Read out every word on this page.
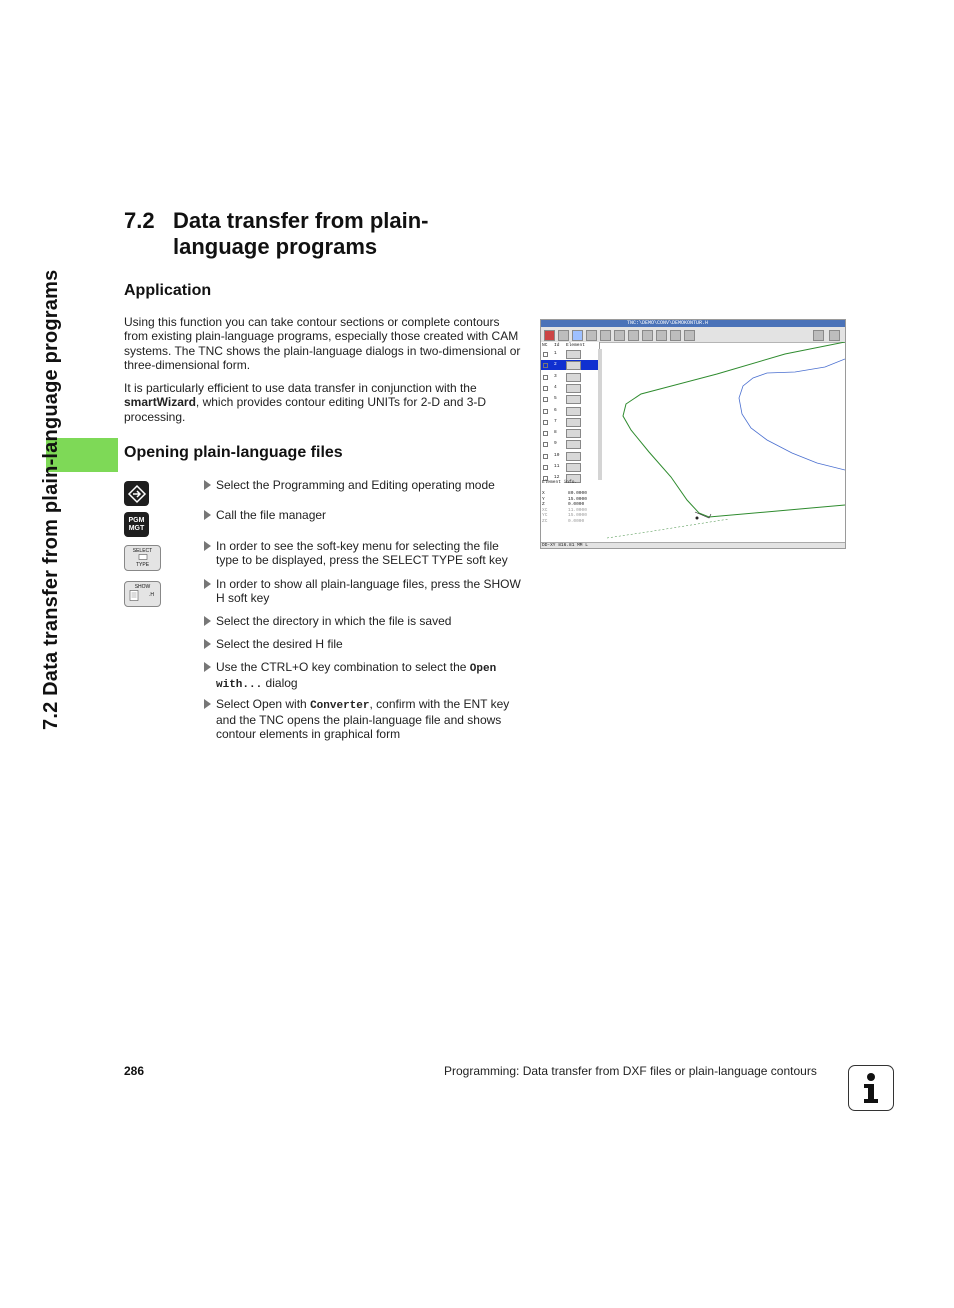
7.2 Data transfer from plain-language programs
7.2 Data transfer from plain-language programs
Application
Using this function you can take contour sections or complete contours from existing plain-language programs, especially those created with CAM systems. The TNC shows the plain-language dialogs in two-dimensional or three-dimensional form.
It is particularly efficient to use data transfer in conjunction with the smartWizard, which provides contour editing UNITs for 2-D and 3-D processing.
Opening plain-language files
PGM
MGT
SELECT
TYPE
SHOW
.H
Select the Programming and Editing operating mode
Call the file manager
In order to see the soft-key menu for selecting the file type to be displayed, press the SELECT TYPE soft key
In order to show all plain-language files, press the SHOW H soft key
Select the directory in which the file is saved
Select the desired H file
Use the CTRL+O key combination to select the Open with... dialog
Select Open with Converter, confirm with the ENT key and the TNC opens the plain-language file and shows contour elements in graphical form
TNC:\DEMO\CONV\DEMOKONTUR.H
NC Id Element
1
2
3
4
5
6
7
8
9
10
11
12
Element info.
X	80.0000
Y	15.0000
Z	0.0000
XC	11.0000
YC	15.0000
ZC	0.0000
DD-XY 816.81 MM L
286	Programming: Data transfer from DXF files or plain-language contours
